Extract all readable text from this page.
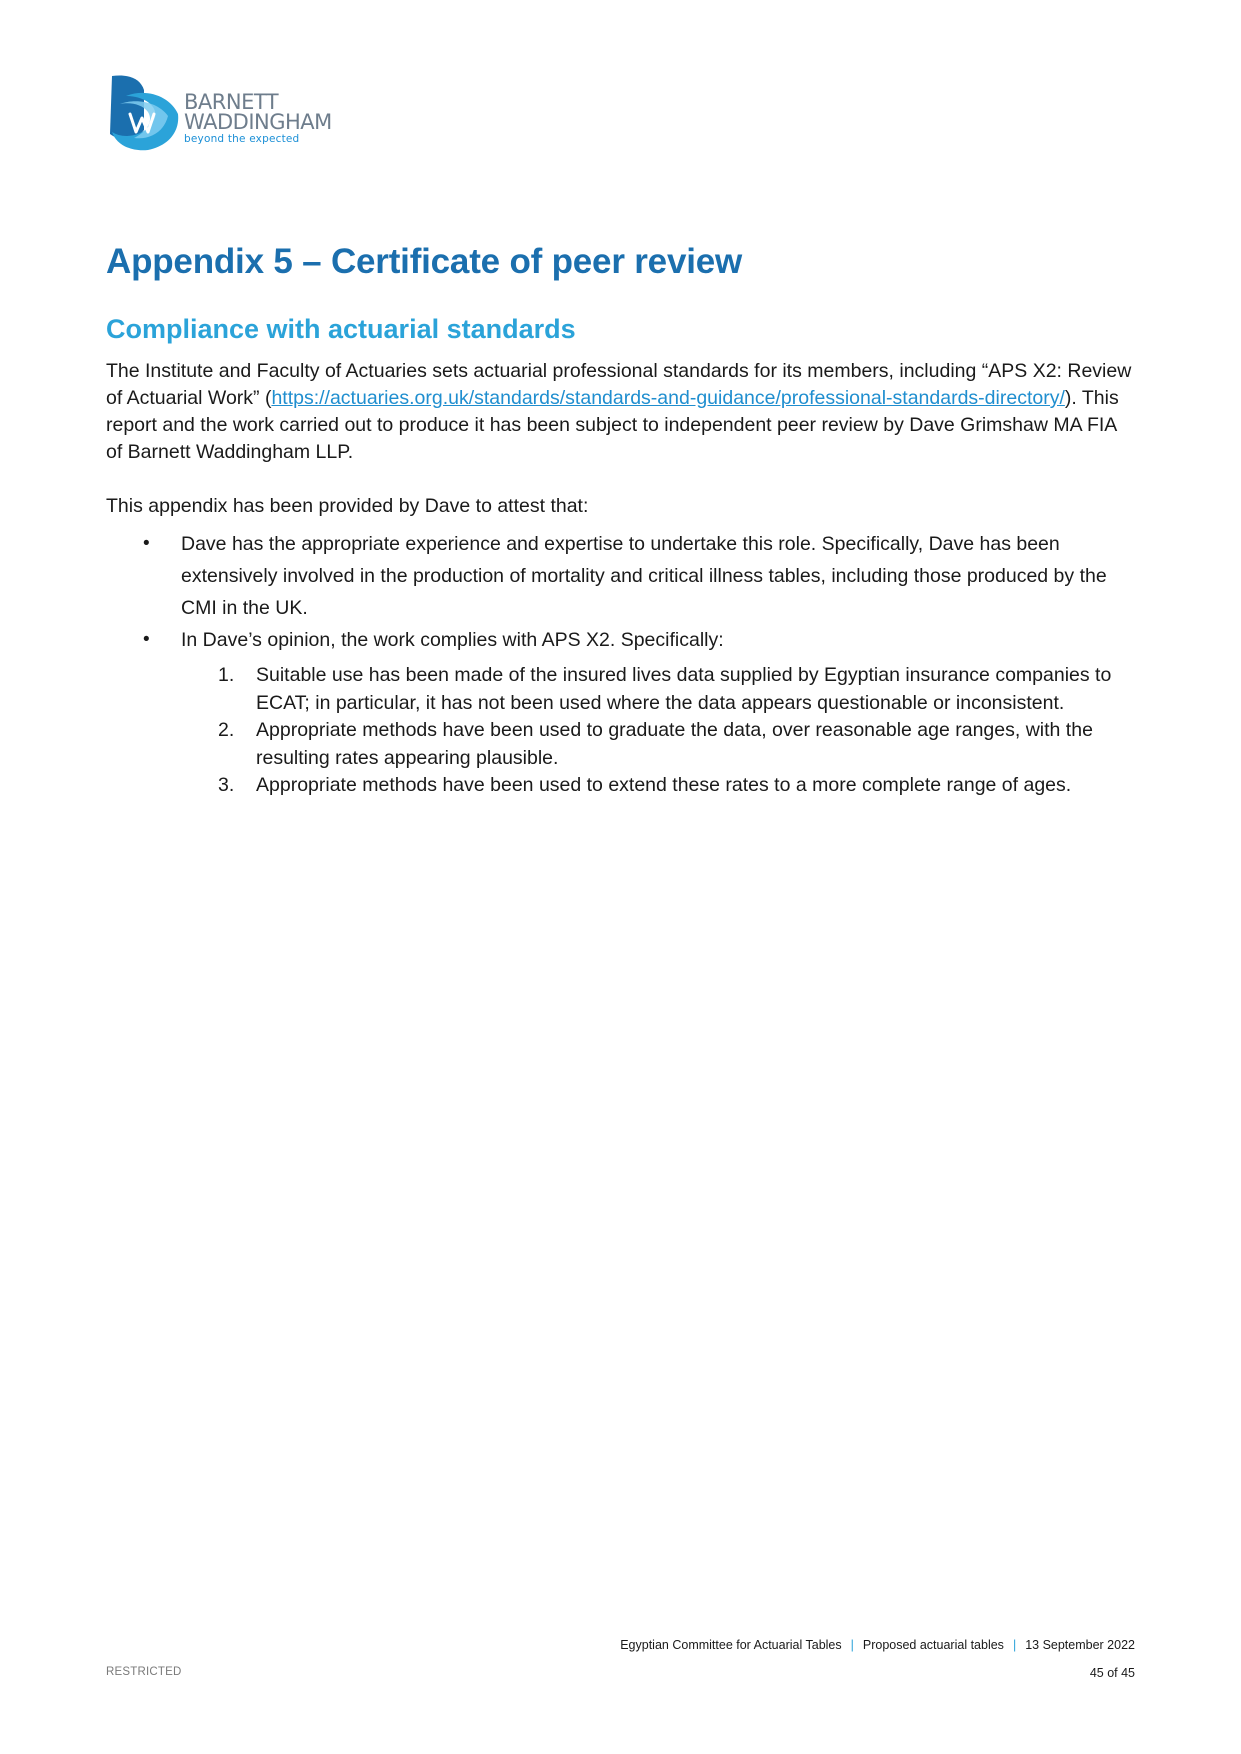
BARNETT
WADDINGHAM
beyond the expected
Appendix 5 – Certificate of peer review
Compliance with actuarial standards

The Institute and Faculty of Actuaries sets actuarial professional standards for its members, including “APS X2: Review of Actuarial Work” (https://actuaries.org.uk/standards/standards-and-guidance/professional-standards-directory/). This report and the work carried out to produce it has been subject to independent peer review by Dave Grimshaw MA FIA of Barnett Waddingham LLP.

This appendix has been provided by Dave to attest that:

• Dave has the appropriate experience and expertise to undertake this role. Specifically, Dave has been extensively involved in the production of mortality and critical illness tables, including those produced by the CMI in the UK.
• In Dave’s opinion, the work complies with APS X2. Specifically:
1. Suitable use has been made of the insured lives data supplied by Egyptian insurance companies to ECAT; in particular, it has not been used where the data appears questionable or inconsistent.
2. Appropriate methods have been used to graduate the data, over reasonable age ranges, with the resulting rates appearing plausible.
3. Appropriate methods have been used to extend these rates to a more complete range of ages.
Egyptian Committee for Actuarial Tables | Proposed actuarial tables | 13 September 2022
RESTRICTED	45 of 45
